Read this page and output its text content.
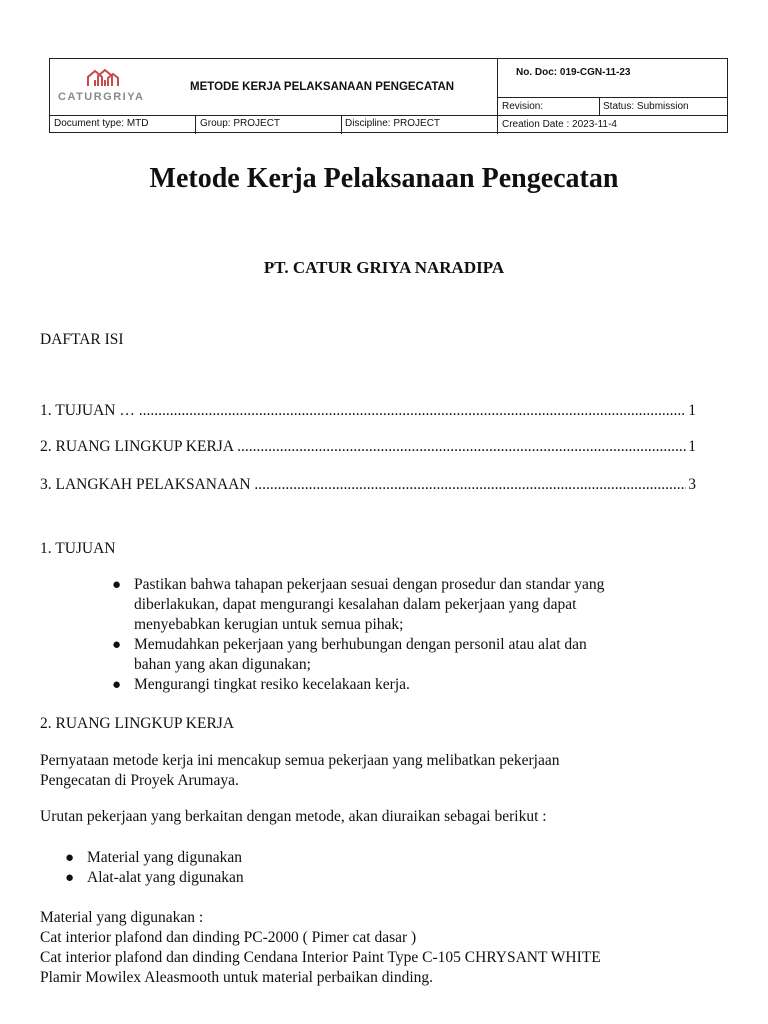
CATURGRIYA
METODE KERJA PELAKSANAAN PENGECATAN
No. Doc: 019-CGN-11-23
Revision:	Status: Submission
Creation Date : 2023-11-4
Document type: MTD	Group: PROJECT	Discipline: PROJECT
Metode Kerja Pelaksanaan Pengecatan
PT. CATUR GRIYA NARADIPA
DAFTAR ISI
1. TUJUAN … .....	1
2. RUANG LINGKUP KERJA .....	1
3. LANGKAH PELAKSANAAN .....	3
1. TUJUAN
● Pastikan bahwa tahapan pekerjaan sesuai dengan prosedur dan standar yang
diberlakukan, dapat mengurangi kesalahan dalam pekerjaan yang dapat
menyebabkan kerugian untuk semua pihak;
● Memudahkan pekerjaan yang berhubungan dengan personil atau alat dan
bahan yang akan digunakan;
● Mengurangi tingkat resiko kecelakaan kerja.
2. RUANG LINGKUP KERJA
Pernyataan metode kerja ini mencakup semua pekerjaan yang melibatkan pekerjaan
Pengecatan di Proyek Arumaya.
Urutan pekerjaan yang berkaitan dengan metode, akan diuraikan sebagai berikut :
● Material yang digunakan
● Alat-alat yang digunakan
Material yang digunakan :
Cat interior plafond dan dinding PC-2000 ( Pimer cat dasar )
Cat interior plafond dan dinding Cendana Interior Paint Type C-105 CHRYSANT WHITE
Plamir Mowilex Aleasmooth untuk material perbaikan dinding.
